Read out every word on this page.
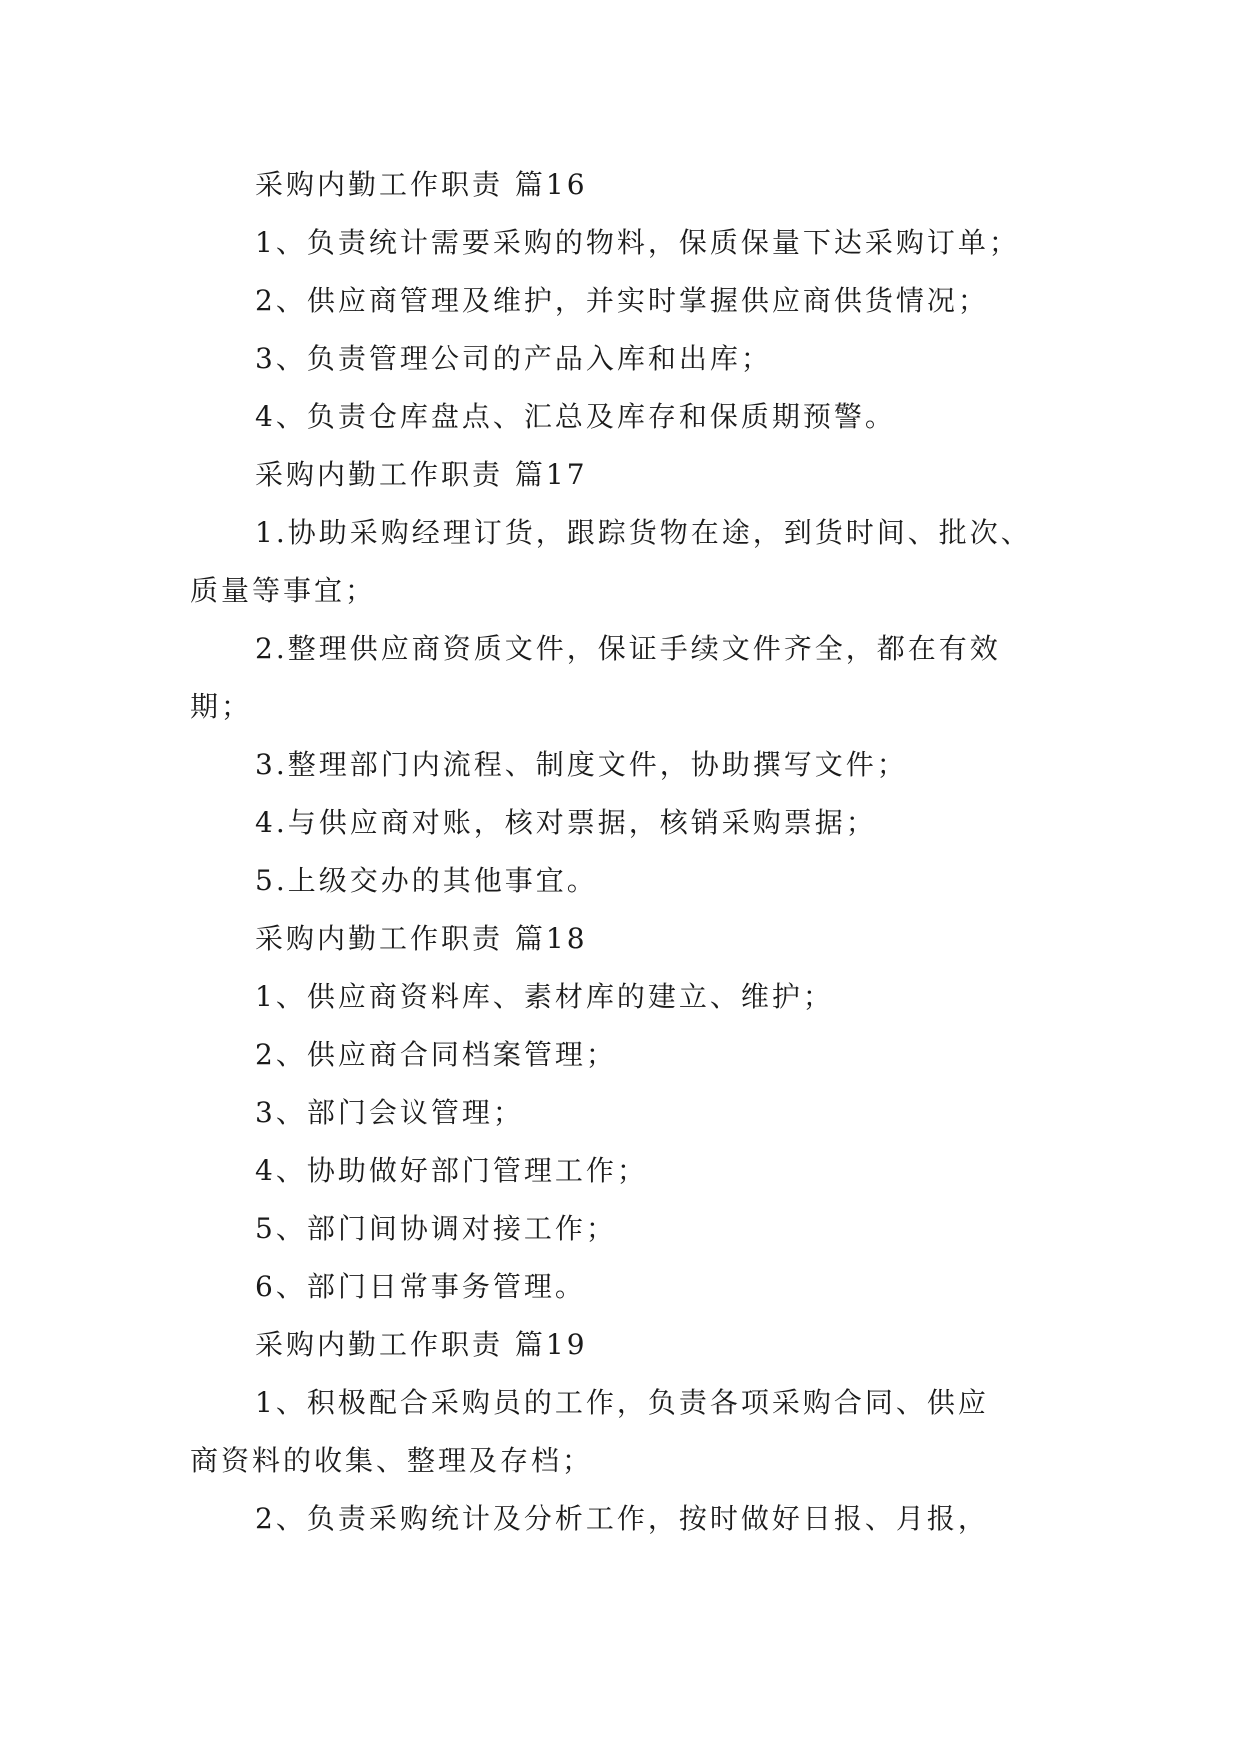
采购内勤工作职责 篇16
1、负责统计需要采购的物料，保质保量下达采购订单；
2、供应商管理及维护，并实时掌握供应商供货情况；
3、负责管理公司的产品入库和出库；
4、负责仓库盘点、汇总及库存和保质期预警。
采购内勤工作职责 篇17
1.协助采购经理订货，跟踪货物在途，到货时间、批次、
质量等事宜；
2.整理供应商资质文件，保证手续文件齐全，都在有效
期；
3.整理部门内流程、制度文件，协助撰写文件；
4.与供应商对账，核对票据，核销采购票据；
5.上级交办的其他事宜。
采购内勤工作职责 篇18
1、供应商资料库、素材库的建立、维护；
2、供应商合同档案管理；
3、部门会议管理；
4、协助做好部门管理工作；
5、部门间协调对接工作；
6、部门日常事务管理。
采购内勤工作职责 篇19
1、积极配合采购员的工作，负责各项采购合同、供应
商资料的收集、整理及存档；
2、负责采购统计及分析工作，按时做好日报、月报，
